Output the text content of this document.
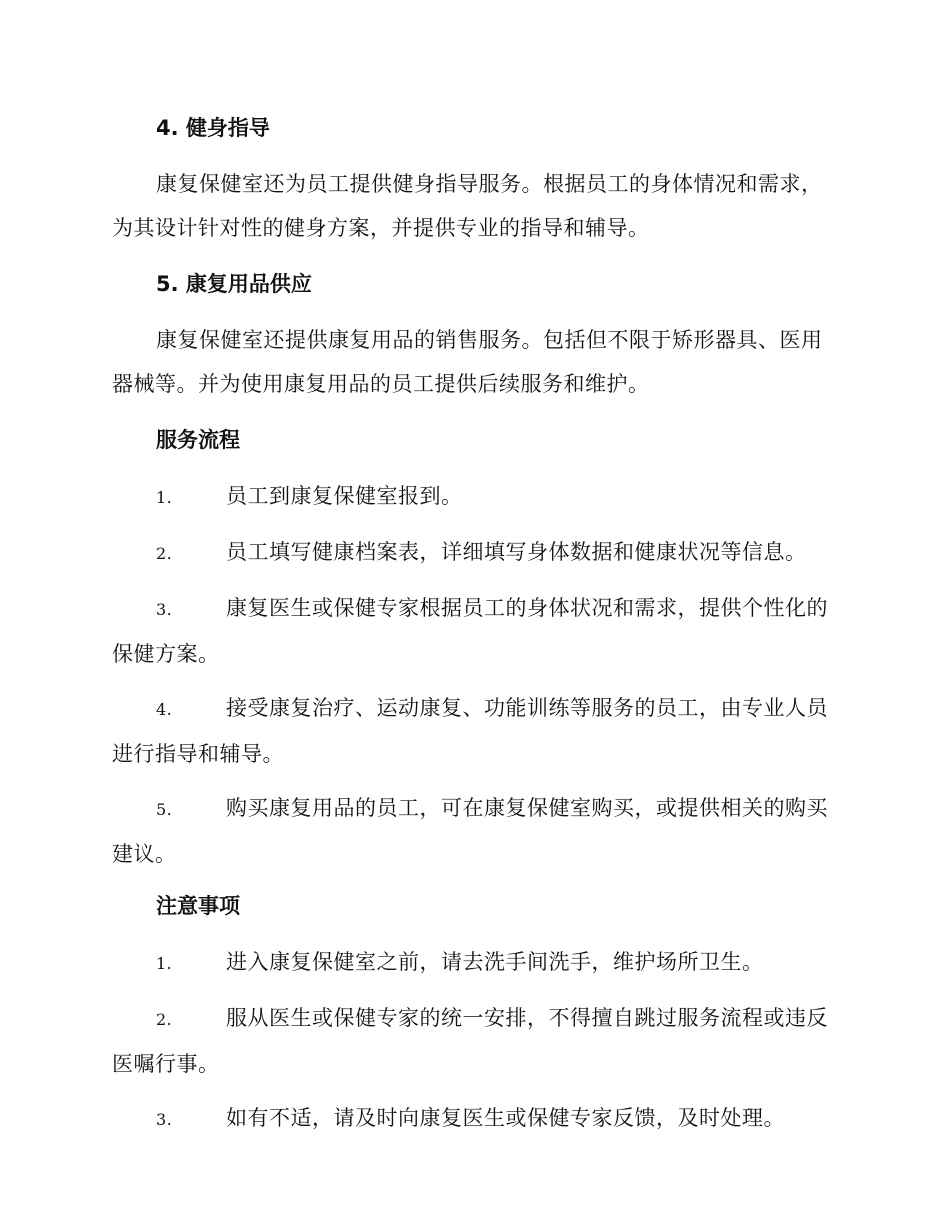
4. 健身指导

康复保健室还为员工提供健身指导服务。根据员工的身体情况和需求，为其设计针对性的健身方案，并提供专业的指导和辅导。

5. 康复用品供应

康复保健室还提供康复用品的销售服务。包括但不限于矫形器具、医用器械等。并为使用康复用品的员工提供后续服务和维护。

服务流程

1.	员工到康复保健室报到。

2.	员工填写健康档案表，详细填写身体数据和健康状况等信息。

3.	康复医生或保健专家根据员工的身体状况和需求，提供个性化的保健方案。

4.	接受康复治疗、运动康复、功能训练等服务的员工，由专业人员进行指导和辅导。

5.	购买康复用品的员工，可在康复保健室购买，或提供相关的购买建议。

注意事项

1.	进入康复保健室之前，请去洗手间洗手，维护场所卫生。

2.	服从医生或保健专家的统一安排，不得擅自跳过服务流程或违反医嘱行事。

3.	如有不适，请及时向康复医生或保健专家反馈，及时处理。
